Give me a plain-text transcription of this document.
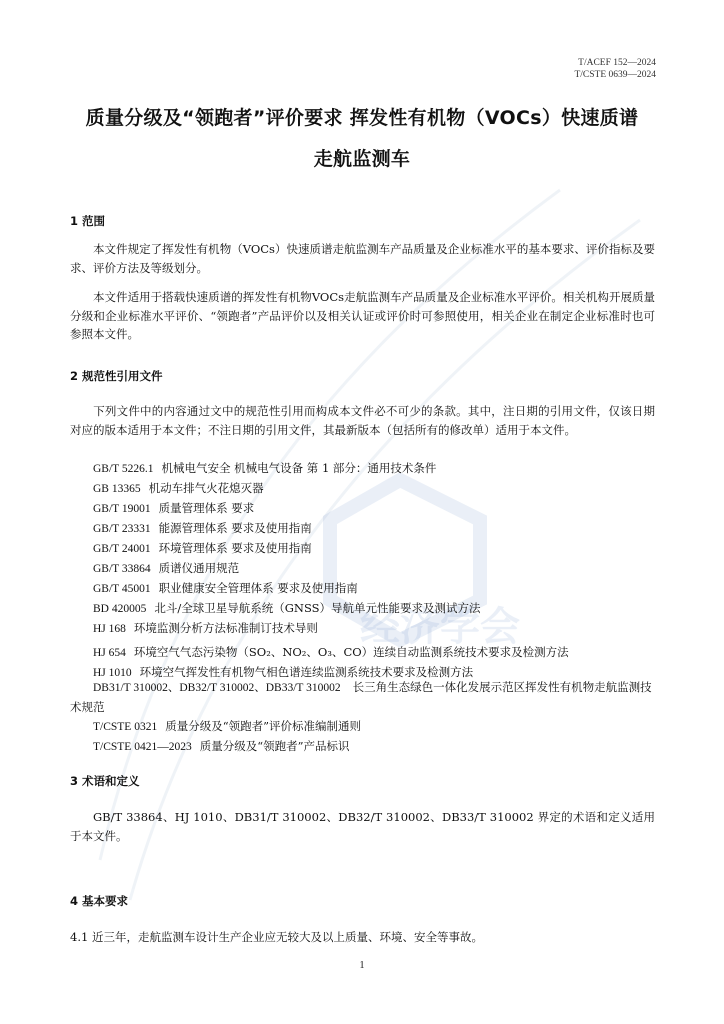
经济学会
T/ACEF 152—2024
T/CSTE 0639—2024
质量分级及“领跑者”评价要求 挥发性有机物（VOCs）快速质谱
走航监测车
1 范围
本文件规定了挥发性有机物（VOCs）快速质谱走航监测车产品质量及企业标准水平的基本要求、评价指标及要求、评价方法及等级划分。
本文件适用于搭载快速质谱的挥发性有机物VOCs走航监测车产品质量及企业标准水平评价。相关机构开展质量分级和企业标准水平评价、“领跑者”产品评价以及相关认证或评价时可参照使用，相关企业在制定企业标准时也可参照本文件。
2 规范性引用文件
下列文件中的内容通过文中的规范性引用而构成本文件必不可少的条款。其中，注日期的引用文件，仅该日期对应的版本适用于本文件；不注日期的引用文件，其最新版本（包括所有的修改单）适用于本文件。
GB/T 5226.1 机械电气安全 机械电气设备 第 1 部分：通用技术条件
GB 13365 机动车排气火花熄灭器
GB/T 19001 质量管理体系 要求
GB/T 23331 能源管理体系 要求及使用指南
GB/T 24001 环境管理体系 要求及使用指南
GB/T 33864 质谱仪通用规范
GB/T 45001 职业健康安全管理体系 要求及使用指南
BD 420005 北斗/全球卫星导航系统（GNSS）导航单元性能要求及测试方法
HJ 168 环境监测分析方法标准制订技术导则
HJ 654 环境空气气态污染物（SO₂、NO₂、O₃、CO）连续自动监测系统技术要求及检测方法
HJ 1010 环境空气挥发性有机物气相色谱连续监测系统技术要求及检测方法
DB31/T 310002、DB32/T 310002、DB33/T 310002 长三角生态绿色一体化发展示范区挥发性有机物走航监测技术规范
T/CSTE 0321 质量分级及“领跑者”评价标准编制通则
T/CSTE 0421—2023 质量分级及“领跑者”产品标识
3 术语和定义
GB/T 33864、HJ 1010、DB31/T 310002、DB32/T 310002、DB33/T 310002 界定的术语和定义适用于本文件。
4 基本要求
4.1 近三年，走航监测车设计生产企业应无较大及以上质量、环境、安全等事故。
1
